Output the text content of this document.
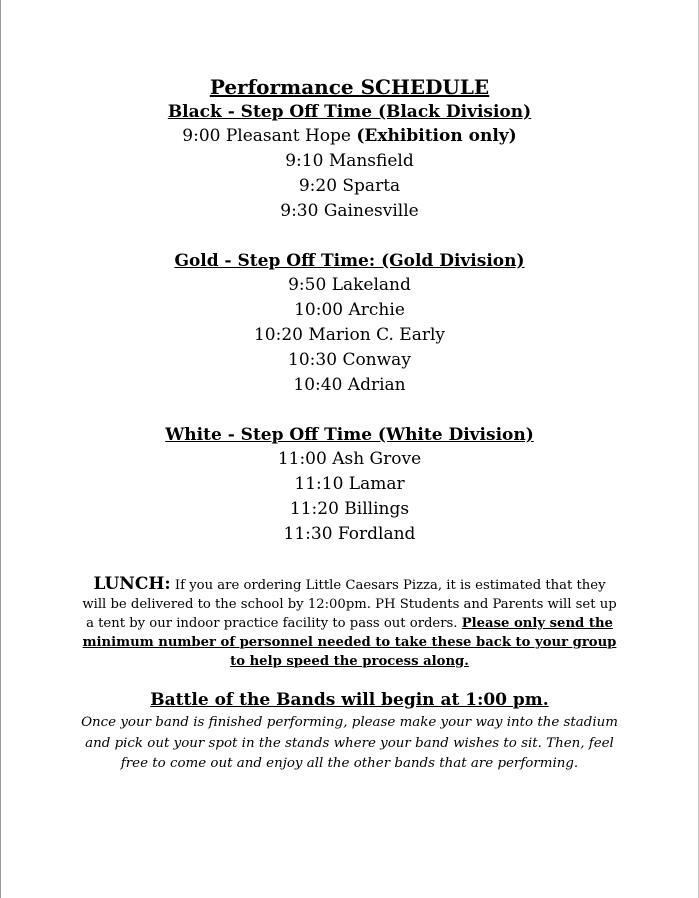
Performance SCHEDULE

Black - Step Off Time (Black Division)

9:00 Pleasant Hope (Exhibition only)

9:10 Mansfield

9:20 Sparta

9:30 Gainesville

Gold - Step Off Time: (Gold Division)

9:50 Lakeland

10:00 Archie

10:20 Marion C. Early

10:30 Conway

10:40 Adrian

White - Step Off Time (White Division)

11:00 Ash Grove

11:10 Lamar

11:20 Billings

11:30 Fordland

LUNCH: If you are ordering Little Caesars Pizza, it is estimated that they will be delivered to the school by 12:00pm. PH Students and Parents will set up a tent by our indoor practice facility to pass out orders. Please only send the minimum number of personnel needed to take these back to your group to help speed the process along.

Battle of the Bands will begin at 1:00 pm.

Once your band is finished performing, please make your way into the stadium and pick out your spot in the stands where your band wishes to sit. Then, feel free to come out and enjoy all the other bands that are performing.
